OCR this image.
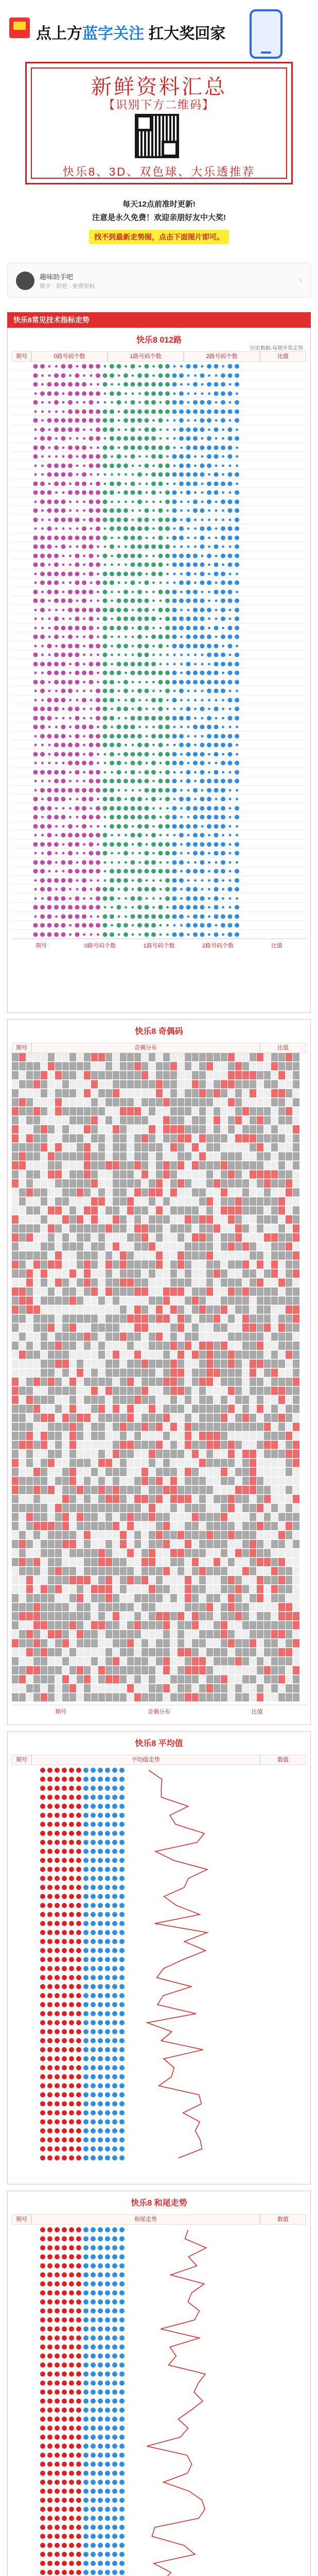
点上方蓝字关注 扛大奖回家
新鲜资料汇总
【识别下方二维码】
快乐8、3D、双色球、大乐透推荐
每天12点前准时更新!
注意是永久免费！欢迎亲朋好友中大奖!
找不到最新走势图，点击下面图片即可。
趣味助手吧
简介 · 彩吧 · 免费资料
›
快乐8常见技术指标走势
快乐8 012路
历史数据·每期开奖走势
期号	0路号码个数	1路号码个数	2路号码个数	比值
期号	0路号码个数	1路号码个数	2路号码个数	比值
快乐8 奇偶码
期号	奇偶分布	比值
期号	奇偶分布	比值
快乐8 平均值
期号	平均值走势	数值
快乐8 和尾走势
期号	和尾走势	数值
